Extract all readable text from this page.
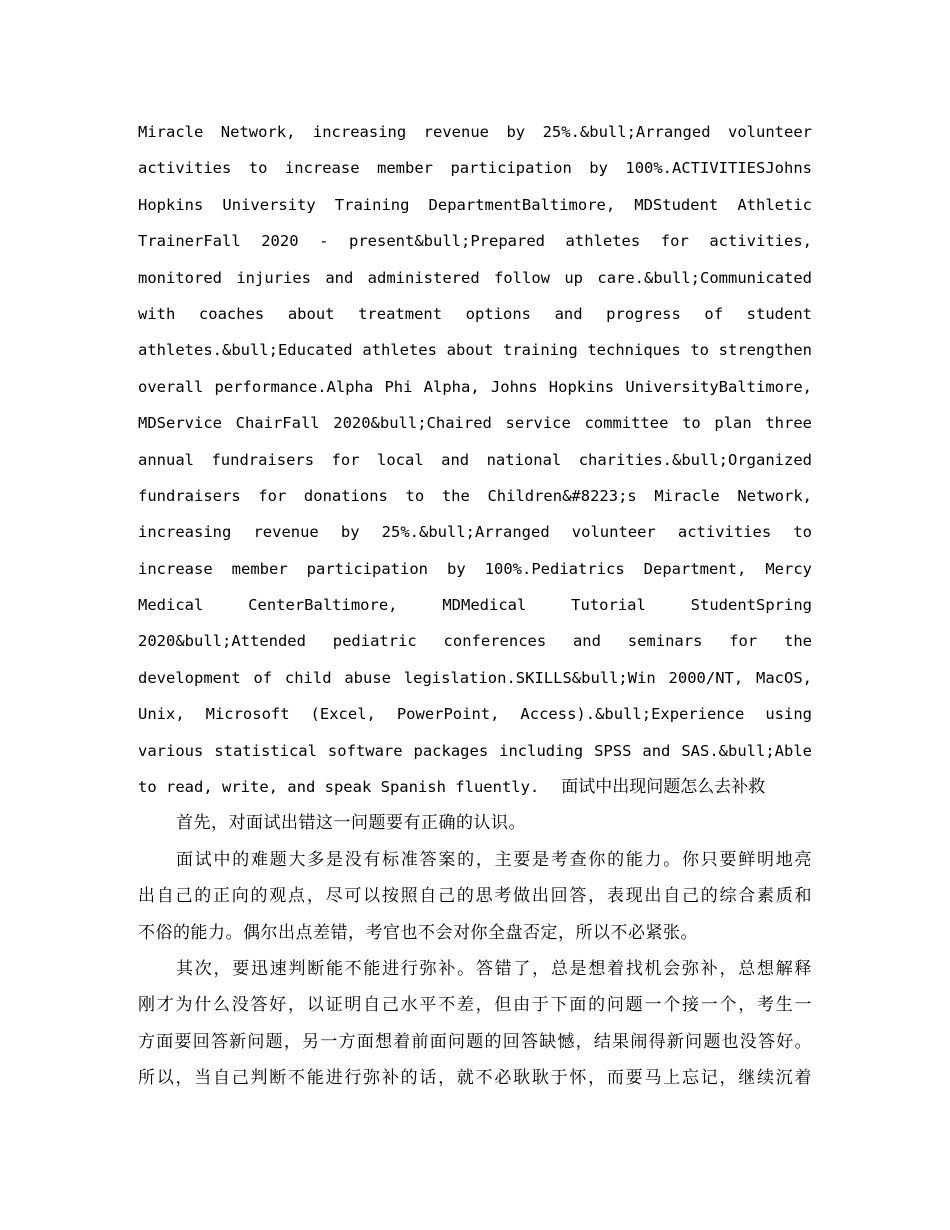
Miracle Network, increasing revenue by 25%.&bull;Arranged volunteer
activities to increase member participation by 100%.ACTIVITIESJohns
Hopkins University Training DepartmentBaltimore, MDStudent Athletic
TrainerFall 2020 - present&bull;Prepared athletes for activities,
monitored injuries and administered follow up care.&bull;Communicated
with coaches about treatment options and progress of student
athletes.&bull;Educated athletes about training techniques to strengthen
overall performance.Alpha Phi Alpha, Johns Hopkins UniversityBaltimore,
MDService ChairFall 2020&bull;Chaired service committee to plan three
annual fundraisers for local and national charities.&bull;Organized
fundraisers for donations to the Children&#8223;s Miracle Network,
increasing revenue by 25%.&bull;Arranged volunteer activities to
increase member participation by 100%.Pediatrics Department, Mercy
Medical CenterBaltimore, MDMedical Tutorial StudentSpring
2020&bull;Attended pediatric conferences and seminars for the
development of child abuse legislation.SKILLS&bull;Win 2000/NT, MacOS,
Unix, Microsoft (Excel, PowerPoint, Access).&bull;Experience using
various statistical software packages including SPSS and SAS.&bull;Able
to read, write, and speak Spanish fluently. 面试中出现问题怎么去补救
首先，对面试出错这一问题要有正确的认识。
面试中的难题大多是没有标准答案的，主要是考查你的能力。你只要鲜明地亮
出自己的正向的观点，尽可以按照自己的思考做出回答，表现出自己的综合素质和
不俗的能力。偶尔出点差错，考官也不会对你全盘否定，所以不必紧张。
其次，要迅速判断能不能进行弥补。答错了，总是想着找机会弥补，总想解释
刚才为什么没答好，以证明自己水平不差，但由于下面的问题一个接一个，考生一
方面要回答新问题，另一方面想着前面问题的回答缺憾，结果闹得新问题也没答好。
所以，当自己判断不能进行弥补的话，就不必耿耿于怀，而要马上忘记，继续沉着
